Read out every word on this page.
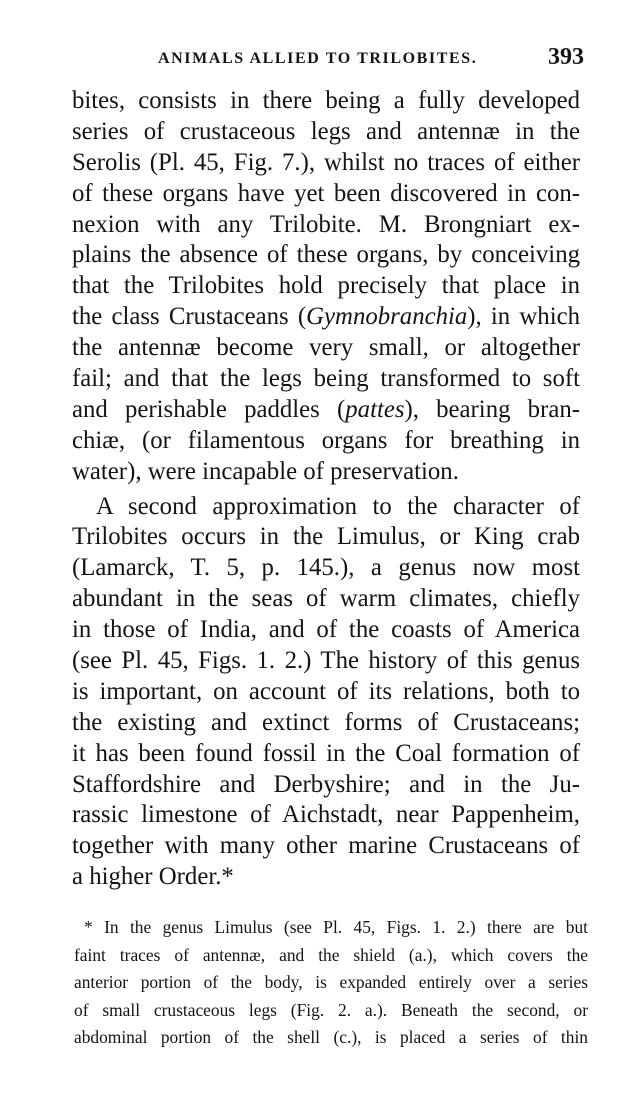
ANIMALS ALLIED TO TRILOBITES.	393
bites, consists in there being a fully developed
series of crustaceous legs and antennæ in the
Serolis (Pl. 45, Fig. 7.), whilst no traces of either
of these organs have yet been discovered in con-
nexion with any Trilobite. M. Brongniart ex-
plains the absence of these organs, by conceiving
that the Trilobites hold precisely that place in
the class Crustaceans (Gymnobranchia), in which
the antennæ become very small, or altogether
fail; and that the legs being transformed to soft
and perishable paddles (pattes), bearing bran-
chiæ, (or filamentous organs for breathing in
water), were incapable of preservation.
A second approximation to the character of
Trilobites occurs in the Limulus, or King crab
(Lamarck, T. 5, p. 145.), a genus now most
abundant in the seas of warm climates, chiefly
in those of India, and of the coasts of America
(see Pl. 45, Figs. 1. 2.) The history of this genus
is important, on account of its relations, both to
the existing and extinct forms of Crustaceans;
it has been found fossil in the Coal formation of
Staffordshire and Derbyshire; and in the Ju-
rassic limestone of Aichstadt, near Pappenheim,
together with many other marine Crustaceans of
a higher Order.*
* In the genus Limulus (see Pl. 45, Figs. 1. 2.) there are but
faint traces of antennæ, and the shield (a.), which covers the
anterior portion of the body, is expanded entirely over a series
of small crustaceous legs (Fig. 2. a.). Beneath the second, or
abdominal portion of the shell (c.), is placed a series of thin
